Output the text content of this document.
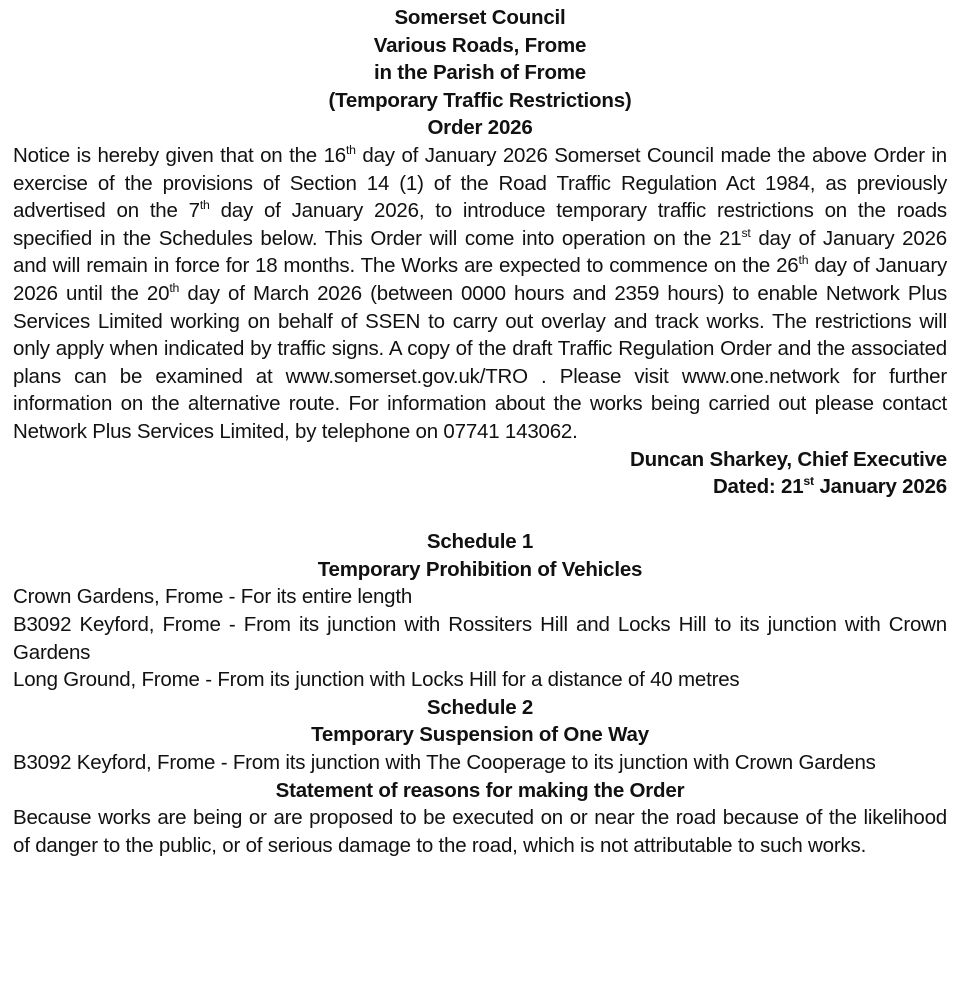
Somerset Council
Various Roads, Frome
in the Parish of Frome
(Temporary Traffic Restrictions)
Order 2026
Notice is hereby given that on the 16th day of January 2026 Somerset Council made the above Order in exercise of the provisions of Section 14 (1) of the Road Traffic Regulation Act 1984, as previously advertised on the 7th day of January 2026, to introduce temporary traffic restrictions on the roads specified in the Schedules below. This Order will come into operation on the 21st day of January 2026 and will remain in force for 18 months. The Works are expected to commence on the 26th day of January 2026 until the 20th day of March 2026 (between 0000 hours and 2359 hours) to enable Network Plus Services Limited working on behalf of SSEN to carry out overlay and track works. The restrictions will only apply when indicated by traffic signs. A copy of the draft Traffic Regulation Order and the associated plans can be examined at www.somerset.gov.uk/TRO . Please visit www.one.network for further information on the alternative route. For information about the works being carried out please contact Network Plus Services Limited, by telephone on 07741 143062.
Duncan Sharkey, Chief Executive
Dated: 21st January 2026
Schedule 1
Temporary Prohibition of Vehicles
Crown Gardens, Frome - For its entire length
B3092 Keyford, Frome - From its junction with Rossiters Hill and Locks Hill to its junction with Crown Gardens
Long Ground, Frome - From its junction with Locks Hill for a distance of 40 metres
Schedule 2
Temporary Suspension of One Way
B3092 Keyford, Frome - From its junction with The Cooperage to its junction with Crown Gardens
Statement of reasons for making the Order
Because works are being or are proposed to be executed on or near the road because of the likelihood of danger to the public, or of serious damage to the road, which is not attributable to such works.
